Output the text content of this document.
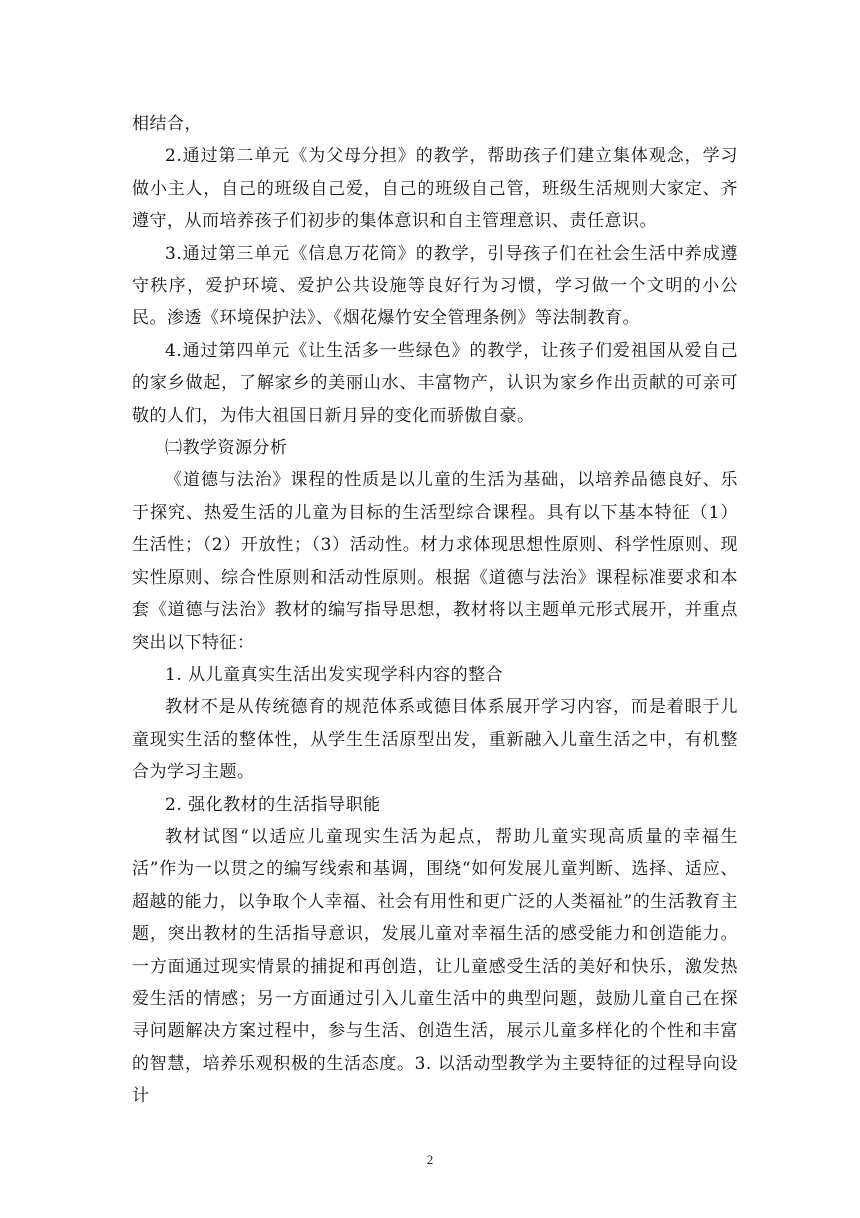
相结合，

2.通过第二单元《为父母分担》的教学，帮助孩子们建立集体观念，学习做小主人，自己的班级自己爱，自己的班级自己管，班级生活规则大家定、齐遵守，从而培养孩子们初步的集体意识和自主管理意识、责任意识。

3.通过第三单元《信息万花筒》的教学，引导孩子们在社会生活中养成遵守秩序，爱护环境、爱护公共设施等良好行为习惯，学习做一个文明的小公民。渗透《环境保护法》、《烟花爆竹安全管理条例》等法制教育。

4.通过第四单元《让生活多一些绿色》的教学，让孩子们爱祖国从爱自己的家乡做起，了解家乡的美丽山水、丰富物产，认识为家乡作出贡献的可亲可敬的人们，为伟大祖国日新月异的变化而骄傲自豪。

㈡教学资源分析

《道德与法治》课程的性质是以儿童的生活为基础，以培养品德良好、乐于探究、热爱生活的儿童为目标的生活型综合课程。具有以下基本特征（1）生活性；（2）开放性；（3）活动性。材力求体现思想性原则、科学性原则、现实性原则、综合性原则和活动性原则。根据《道德与法治》课程标准要求和本套《道德与法治》教材的编写指导思想，教材将以主题单元形式展开，并重点突出以下特征：

1. 从儿童真实生活出发实现学科内容的整合

教材不是从传统德育的规范体系或德目体系展开学习内容，而是着眼于儿童现实生活的整体性，从学生生活原型出发，重新融入儿童生活之中，有机整合为学习主题。

2. 强化教材的生活指导职能

教材试图“以适应儿童现实生活为起点，帮助儿童实现高质量的幸福生活”作为一以贯之的编写线索和基调，围绕“如何发展儿童判断、选择、适应、超越的能力，以争取个人幸福、社会有用性和更广泛的人类福祉”的生活教育主题，突出教材的生活指导意识，发展儿童对幸福生活的感受能力和创造能力。一方面通过现实情景的捕捉和再创造，让儿童感受生活的美好和快乐，激发热爱生活的情感；另一方面通过引入儿童生活中的典型问题，鼓励儿童自己在探寻问题解决方案过程中，参与生活、创造生活，展示儿童多样化的个性和丰富的智慧，培养乐观积极的生活态度。3. 以活动型教学为主要特征的过程导向设计

2
